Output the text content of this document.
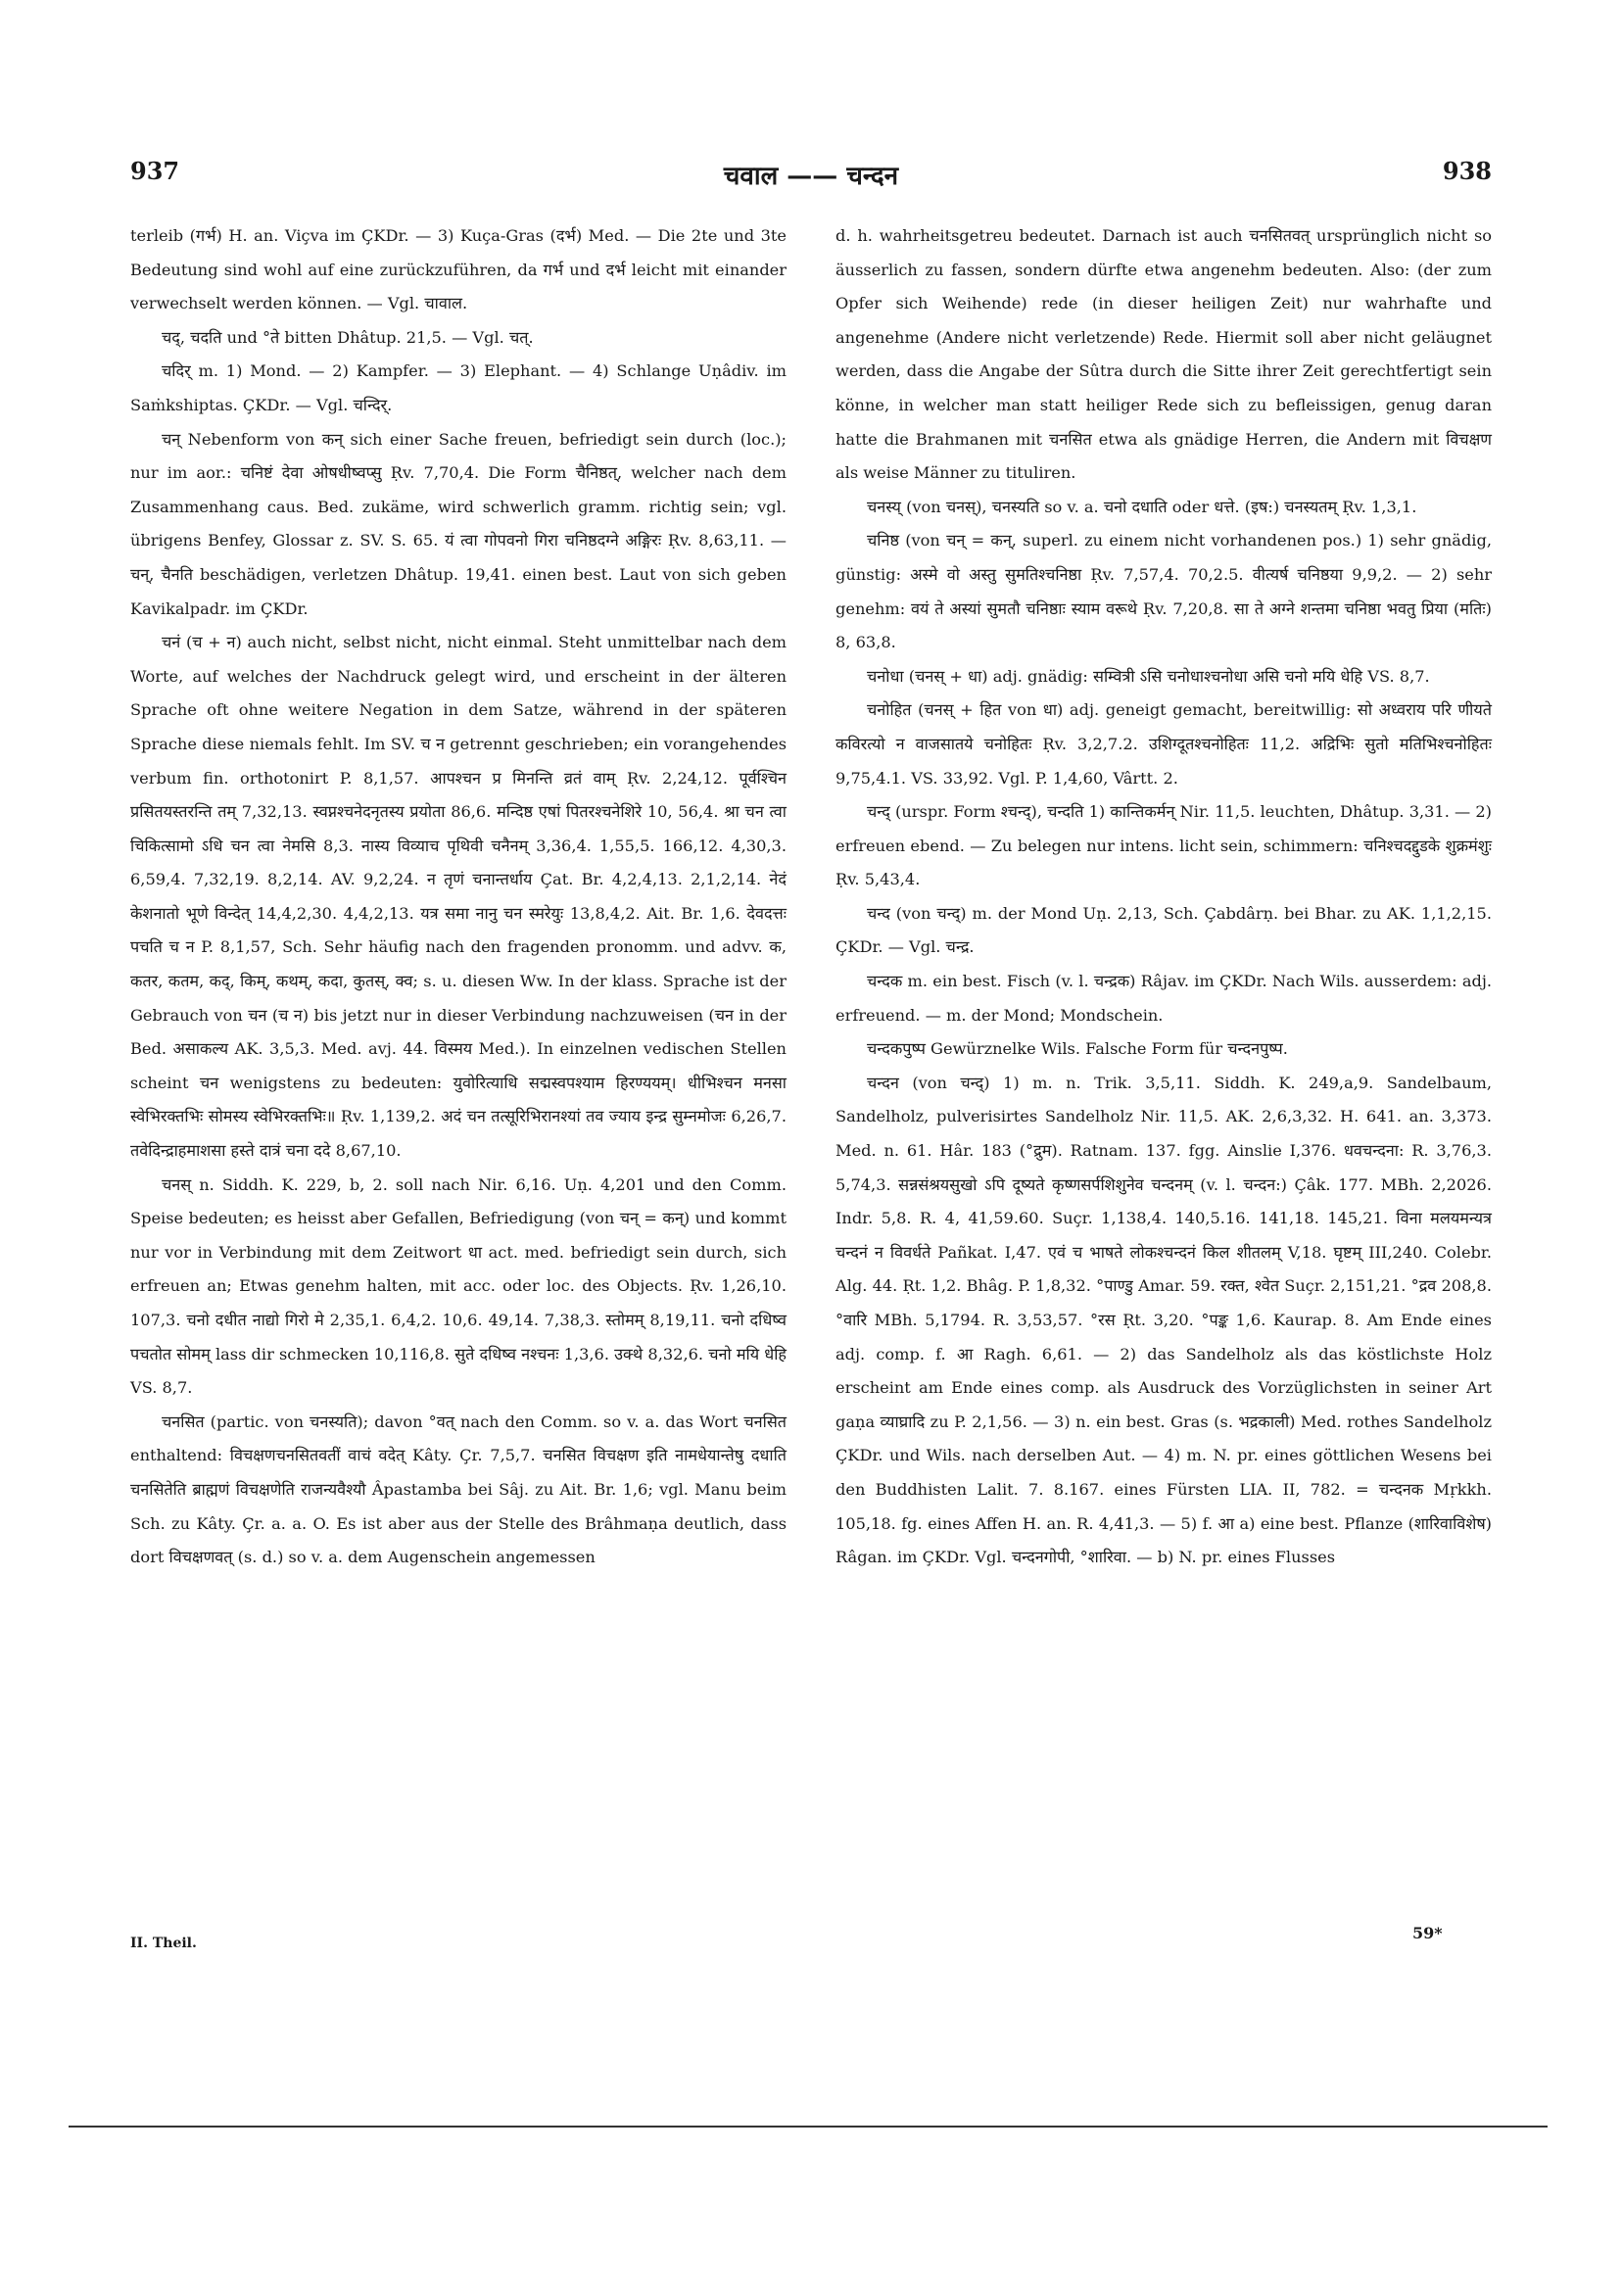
937	चवाल —— चन्दन	938

terleib (गर्भ) H. an. Viçva im ÇKDr. — 3) Kuça-Gras (दर्भ) Med. — Die 2te und 3te Bedeutung sind wohl auf eine zurückzuführen, da गर्भ und दर्भ leicht mit einander verwechselt werden können. — Vgl. चावाल.

चद्, चदति und °ते bitten Dhâtup. 21,5. — Vgl. चत्.

चदिर् m. 1) Mond. — 2) Kampfer. — 3) Elephant. — 4) Schlange Uṇâdiv. im Saṁkshiptas. ÇKDr. — Vgl. चन्दिर्.

चन् Nebenform von कन् sich einer Sache freuen, befriedigt sein durch (loc.); nur im aor.: चनिष्टं देवा ओषधीष्वप्सु Ṛv. 7,70,4. Die Form चैनिष्ठत्, welcher nach dem Zusammenhang caus. Bed. zukäme, wird schwerlich gramm. richtig sein; vgl. übrigens Benfey, Glossar z. SV. S. 65. यं त्वा गोपवनो गिरा चनिष्ठदग्ने अङ्गिरः Ṛv. 8,63,11. — चन्, चैनति beschädigen, verletzen Dhâtup. 19,41. einen best. Laut von sich geben Kavikalpadr. im ÇKDr.

चनं (च + न) auch nicht, selbst nicht, nicht einmal. Steht unmittelbar nach dem Worte, auf welches der Nachdruck gelegt wird, und erscheint in der älteren Sprache oft ohne weitere Negation in dem Satze, während in der späteren Sprache diese niemals fehlt. Im SV. च न getrennt geschrieben; ein vorangehendes verbum fin. orthotonirt P. 8,1,57. आपश्चन प्र मिनन्ति व्रतं वाम् Ṛv. 2,24,12. पूर्वश्चिन प्रसितयस्तरन्ति तम् 7,32,13. स्वप्नश्चनेदनृतस्य प्रयोता 86,6. मन्दिष्ठ एषां पितरश्चनेशिरे 10, 56,4. श्रा चन त्वा चिकित्सामो ऽधि चन त्वा नेमसि 8,3. नास्य विव्याच पृथिवी चनैनम् 3,36,4. 1,55,5. 166,12. 4,30,3. 6,59,4. 7,32,19. 8,2,14. AV. 9,2,24. न तृणं चनान्तर्धाय Çat. Br. 4,2,4,13. 2,1,2,14. नेदं केशनातो भूणे विन्देत् 14,4,2,30. 4,4,2,13. यत्र समा नानु चन स्मरेयुः 13,8,4,2. Ait. Br. 1,6. देवदत्तः पचति च न P. 8,1,57, Sch. Sehr häufig nach den fragenden pronomm. und advv. क, कतर, कतम, कद्, किम्, कथम्, कदा, कुतस्, क्व; s. u. diesen Ww. In der klass. Sprache ist der Gebrauch von चन (च न) bis jetzt nur in dieser Verbindung nachzuweisen (चन in der Bed. असाकल्य AK. 3,5,3. Med. avj. 44. विस्मय Med.). In einzelnen vedischen Stellen scheint चन wenigstens zu bedeuten: युवोरित्याधि सद्मस्वपश्याम हिरण्ययम्। धीभिश्चन मनसा स्वेभिरक्तभिः सोमस्य स्वेभिरक्तभिः॥ Ṛv. 1,139,2. अदं चन तत्सूरिभिरानश्यां तव ज्याय इन्द्र सुम्नमोजः 6,26,7. तवेदिन्द्राहमाशसा हस्ते दात्रं चना ददे 8,67,10.

चनस् n. Siddh. K. 229, b, 2. soll nach Nir. 6,16. Uṇ. 4,201 und den Comm. Speise bedeuten; es heisst aber Gefallen, Befriedigung (von चन् = कन्) und kommt nur vor in Verbindung mit dem Zeitwort धा act. med. befriedigt sein durch, sich erfreuen an; Etwas genehm halten, mit acc. oder loc. des Objects. Ṛv. 1,26,10. 107,3. चनो दधीत नाद्यो गिरो मे 2,35,1. 6,4,2. 10,6. 49,14. 7,38,3. स्तोमम् 8,19,11. चनो दधिष्व पचतोत सोमम् lass dir schmecken 10,116,8. सुते दधिष्व नश्चनः 1,3,6. उक्थे 8,32,6. चनो मयि धेहि VS. 8,7.

चनसित (partic. von चनस्यति); davon °वत् nach den Comm. so v. a. das Wort चनसित enthaltend: विचक्षणचनसितवतीं वाचं वदेत् Kâty. Çr. 7,5,7. चनसित विचक्षण इति नामधेयान्तेषु दधाति चनसितेति ब्राह्मणं विचक्षणेति राजन्यवैश्यौ Âpastamba bei Sâj. zu Ait. Br. 1,6; vgl. Manu beim Sch. zu Kâty. Çr. a. a. O. Es ist aber aus der Stelle des Brâhmaṇa deutlich, dass dort विचक्षणवत् (s. d.) so v. a. dem Augenschein angemessen

d. h. wahrheitsgetreu bedeutet. Darnach ist auch चनसितवत् ursprünglich nicht so äusserlich zu fassen, sondern dürfte etwa angenehm bedeuten. Also: (der zum Opfer sich Weihende) rede (in dieser heiligen Zeit) nur wahrhafte und angenehme (Andere nicht verletzende) Rede. Hiermit soll aber nicht geläugnet werden, dass die Angabe der Sûtra durch die Sitte ihrer Zeit gerechtfertigt sein könne, in welcher man statt heiliger Rede sich zu befleissigen, genug daran hatte die Brahmanen mit चनसित etwa als gnädige Herren, die Andern mit विचक्षण als weise Männer zu tituliren.

चनस्य् (von चनस्), चनस्यति so v. a. चनो दधाति oder धत्ते. (इष:) चनस्यतम् Ṛv. 1,3,1.

चनिष्ठ (von चन् = कन्, superl. zu einem nicht vorhandenen pos.) 1) sehr gnädig, günstig: अस्मे वो अस्तु सुमतिश्चनिष्ठा Ṛv. 7,57,4. 70,2.5. वीत्यर्ष चनिष्ठया 9,9,2. — 2) sehr genehm: वयं ते अस्यां सुमतौ चनिष्ठाः स्याम वरूथे Ṛv. 7,20,8. सा ते अग्ने शन्तमा चनिष्ठा भवतु प्रिया (मतिः) 8, 63,8.

चनोधा (चनस् + धा) adj. gnädig: सम्वित्री ऽसि चनोधाश्चनोधा असि चनो मयि धेहि VS. 8,7.

चनोहित (चनस् + हित von धा) adj. geneigt gemacht, bereitwillig: सो अध्वराय परि णीयते कविरत्यो न वाजसातये चनोहितः Ṛv. 3,2,7.2. उशिग्दूतश्चनोहितः 11,2. अद्रिभिः सुतो मतिभिश्चनोहितः 9,75,4.1. VS. 33,92. Vgl. P. 1,4,60, Vârtt. 2.

चन्द् (urspr. Form श्चन्द्), चन्दति 1) कान्तिकर्मन् Nir. 11,5. leuchten, Dhâtup. 3,31. — 2) erfreuen ebend. — Zu belegen nur intens. licht sein, schimmern: चनिश्चदद्दुडके शुक्रमंशुः Ṛv. 5,43,4.

चन्द (von चन्द्) m. der Mond Uṇ. 2,13, Sch. Çabdârṇ. bei Bhar. zu AK. 1,1,2,15. ÇKDr. — Vgl. चन्द्र.

चन्दक m. ein best. Fisch (v. l. चन्द्रक) Râjav. im ÇKDr. Nach Wils. ausserdem: adj. erfreuend. — m. der Mond; Mondschein.

चन्दकपुष्प Gewürznelke Wils. Falsche Form für चन्दनपुष्प.

चन्दन (von चन्द्) 1) m. n. Trik. 3,5,11. Siddh. K. 249,a,9. Sandelbaum, Sandelholz, pulverisirtes Sandelholz Nir. 11,5. AK. 2,6,3,32. H. 641. an. 3,373. Med. n. 61. Hâr. 183 (°द्रुम). Ratnam. 137. fgg. Ainslie I,376. धवचन्दना: R. 3,76,3. 5,74,3. सन्नसंश्रयसुखो ऽपि दूष्यते कृष्णसर्पशिशुनेव चन्दनम् (v. l. चन्दन:) Çâk. 177. MBh. 2,2026. Indr. 5,8. R. 4, 41,59.60. Suçr. 1,138,4. 140,5.16. 141,18. 145,21. विना मलयमन्यत्र चन्दनं न विवर्धते Pañkat. I,47. एवं च भाषते लोकश्चन्दनं किल शीतलम् V,18. घृष्टम् III,240. Colebr. Alg. 44. Ṛt. 1,2. Bhâg. P. 1,8,32. °पाण्डु Amar. 59. रक्त, श्वेत Suçr. 2,151,21. °द्रव 208,8. °वारि MBh. 5,1794. R. 3,53,57. °रस Ṛt. 3,20. °पङ्क 1,6. Kaurap. 8. Am Ende eines adj. comp. f. आ Ragh. 6,61. — 2) das Sandelholz als das köstlichste Holz erscheint am Ende eines comp. als Ausdruck des Vorzüglichsten in seiner Art gaṇa व्याघ्रादि zu P. 2,1,56. — 3) n. ein best. Gras (s. भद्रकाली) Med. rothes Sandelholz ÇKDr. und Wils. nach derselben Aut. — 4) m. N. pr. eines göttlichen Wesens bei den Buddhisten Lalit. 7. 8.167. eines Fürsten LIA. II, 782. = चन्दनक Mṛkkh. 105,18. fg. eines Affen H. an. R. 4,41,3. — 5) f. आ a) eine best. Pflanze (शारिवाविशेष) Râgan. im ÇKDr. Vgl. चन्दनगोपी, °शारिवा. — b) N. pr. eines Flusses

II. Theil.
59*
